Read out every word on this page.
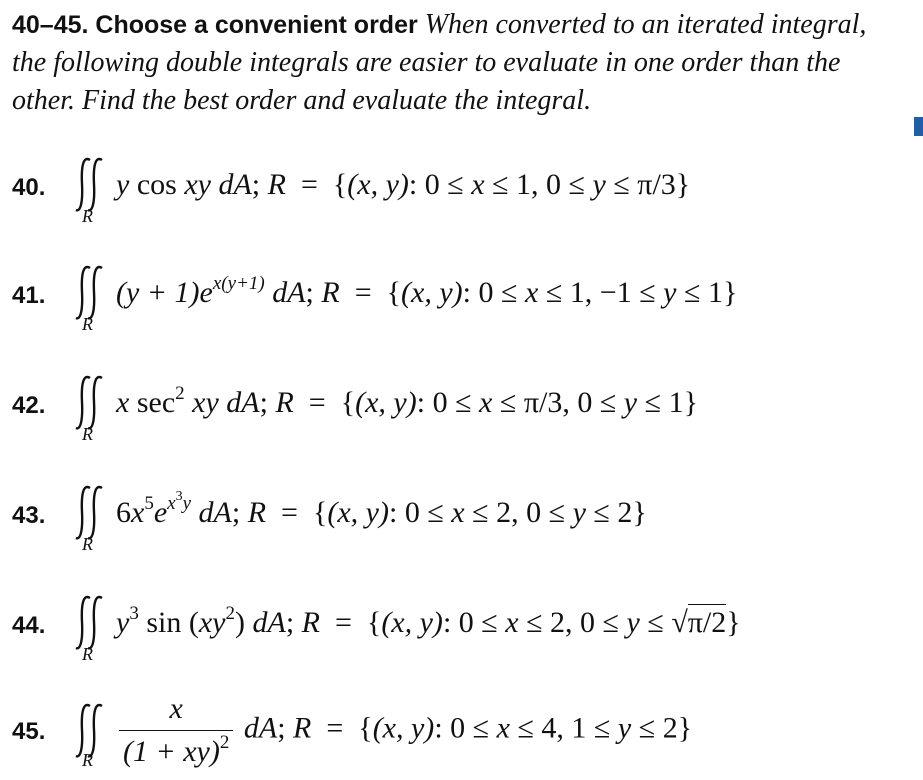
40–45. Choose a convenient order When converted to an iterated integral, the following double integrals are easier to evaluate in one order than the other. Find the best order and evaluate the integral.
40.
R
y cos xy dA; R = {(x, y): 0 ≤ x ≤ 1, 0 ≤ y ≤ π/3}
41.
R
$(y + 1)e^{x(y+1)}$ dA; R = {(x, y): 0 ≤ x ≤ 1, −1 ≤ y ≤ 1}
42.
R
x $\sec^2$ xy dA; R = {(x, y): 0 ≤ x ≤ π/3, 0 ≤ y ≤ 1}
43.
R
$6x^5e^{x^3y}$ dA; R = {(x, y): 0 ≤ x ≤ 2, 0 ≤ y ≤ 2}
44.
R
$y^3$ $\sin (xy^2)$ dA; R = {(x, y): 0 ≤ x ≤ 2, 0 ≤ y ≤ √π/2}
45.
R $\frac{x}{(1 + xy)^2}$ dA; R = {(x, y): 0 ≤ x ≤ 4, 1 ≤ y ≤ 2}
